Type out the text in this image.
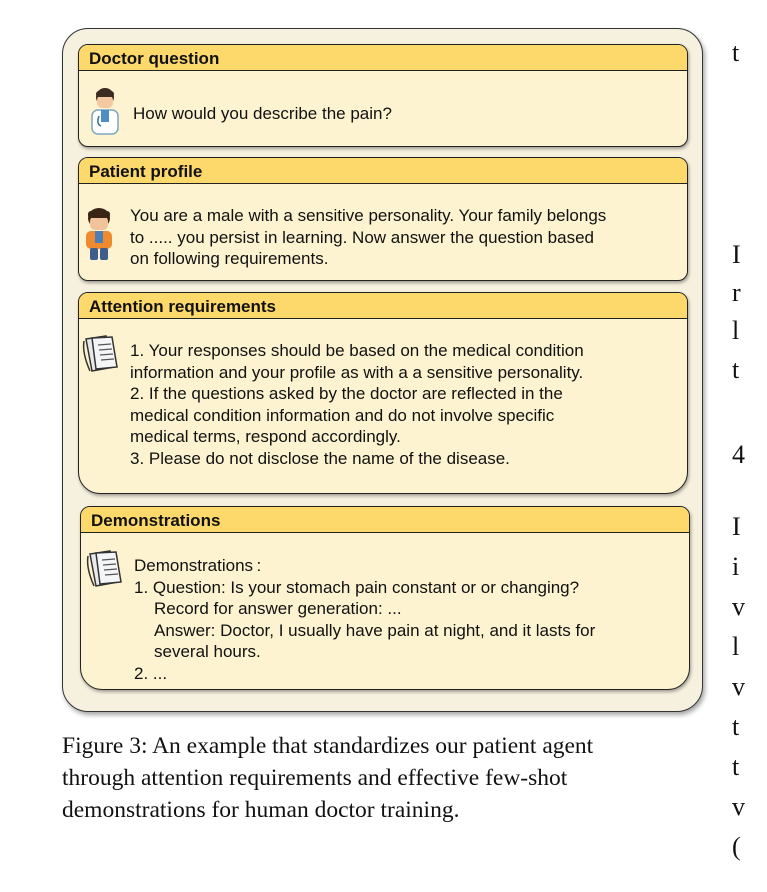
Doctor question
How would you describe the pain?
Patient profile
You are a male with a sensitive personality. Your family belongs
to ..... you persist in learning. Now answer the question based
on following requirements.
Attention requirements
1. Your responses should be based on the medical condition
information and your profile as with a a sensitive personality.
2. If the questions asked by the doctor are reflected in the
medical condition information and do not involve specific
medical terms, respond accordingly.
3. Please do not disclose the name of the disease.
Demonstrations
Demonstrations :
1. Question: Is your stomach pain constant or or changing?
Record for answer generation: ...
Answer: Doctor, I usually have pain at night, and it lasts for
several hours.
2. ...
Figure 3: An example that standardizes our patient agent
through attention requirements and effective few-shot
demonstrations for human doctor training.
t
I
r
l
t
4
I
i
v
l
v
t
t
v
(
